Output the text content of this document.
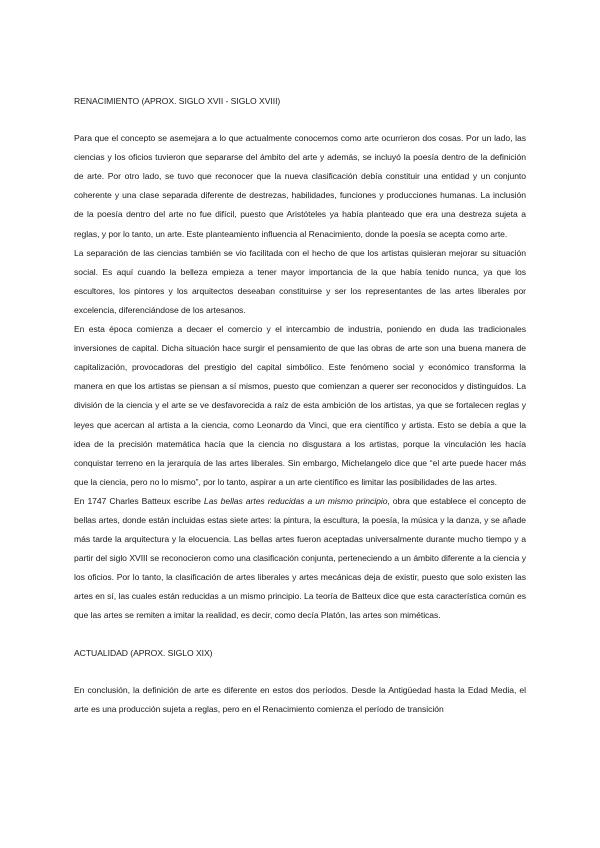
RENACIMIENTO (APROX. SIGLO XVII - SIGLO XVIII)

Para que el concepto se asemejara a lo que actualmente conocemos como arte ocurrieron dos cosas. Por un lado, las ciencias y los oficios tuvieron que separarse del ámbito del arte y además, se incluyó la poesía dentro de la definición de arte. Por otro lado, se tuvo que reconocer que la nueva clasificación debía constituir una entidad y un conjunto coherente y una clase separada diferente de destrezas, habilidades, funciones y producciones humanas. La inclusión de la poesía dentro del arte no fue difícil, puesto que Aristóteles ya había planteado que era una destreza sujeta a reglas, y por lo tanto, un arte. Este planteamiento influencia al Renacimiento, donde la poesía se acepta como arte.

La separación de las ciencias también se vio facilitada con el hecho de que los artistas quisieran mejorar su situación social. Es aquí cuando la belleza empieza a tener mayor importancia de la que había tenido nunca, ya que los escultores, los pintores y los arquitectos deseaban constituirse y ser los representantes de las artes liberales por excelencia, diferenciándose de los artesanos.

En esta época comienza a decaer el comercio y el intercambio de industria, poniendo en duda las tradicionales inversiones de capital. Dicha situación hace surgir el pensamiento de que las obras de arte son una buena manera de capitalización, provocadoras del prestigio del capital simbólico. Este fenómeno social y económico transforma la manera en que los artistas se piensan a sí mismos, puesto que comienzan a querer ser reconocidos y distinguidos. La división de la ciencia y el arte se ve desfavorecida a raíz de esta ambición de los artistas, ya que se fortalecen reglas y leyes que acercan al artista a la ciencia, como Leonardo da Vinci, que era científico y artista. Esto se debía a que la idea de la precisión matemática hacía que la ciencia no disgustara a los artistas, porque la vinculación les hacía conquistar terreno en la jerarquía de las artes liberales. Sin embargo, Michelangelo dice que “el arte puede hacer más que la ciencia, pero no lo mismo”, por lo tanto, aspirar a un arte científico es limitar las posibilidades de las artes.

En 1747 Charles Batteux escribe Las bellas artes reducidas a un mismo principio, obra que establece el concepto de bellas artes, donde están incluidas estas siete artes: la pintura, la escultura, la poesía, la música y la danza, y se añade más tarde la arquitectura y la elocuencia. Las bellas artes fueron aceptadas universalmente durante mucho tiempo y a partir del siglo XVIII se reconocieron como una clasificación conjunta, perteneciendo a un ámbito diferente a la ciencia y los oficios. Por lo tanto, la clasificación de artes liberales y artes mecánicas deja de existir, puesto que solo existen las artes en sí, las cuales están reducidas a un mismo principio. La teoría de Batteux dice que esta característica común es que las artes se remiten a imitar la realidad, es decir, como decía Platón, las artes son miméticas.

ACTUALIDAD (APROX. SIGLO XIX)

En conclusión, la definición de arte es diferente en estos dos períodos. Desde la Antigüedad hasta la Edad Media, el arte es una producción sujeta a reglas, pero en el Renacimiento comienza el período de transición
